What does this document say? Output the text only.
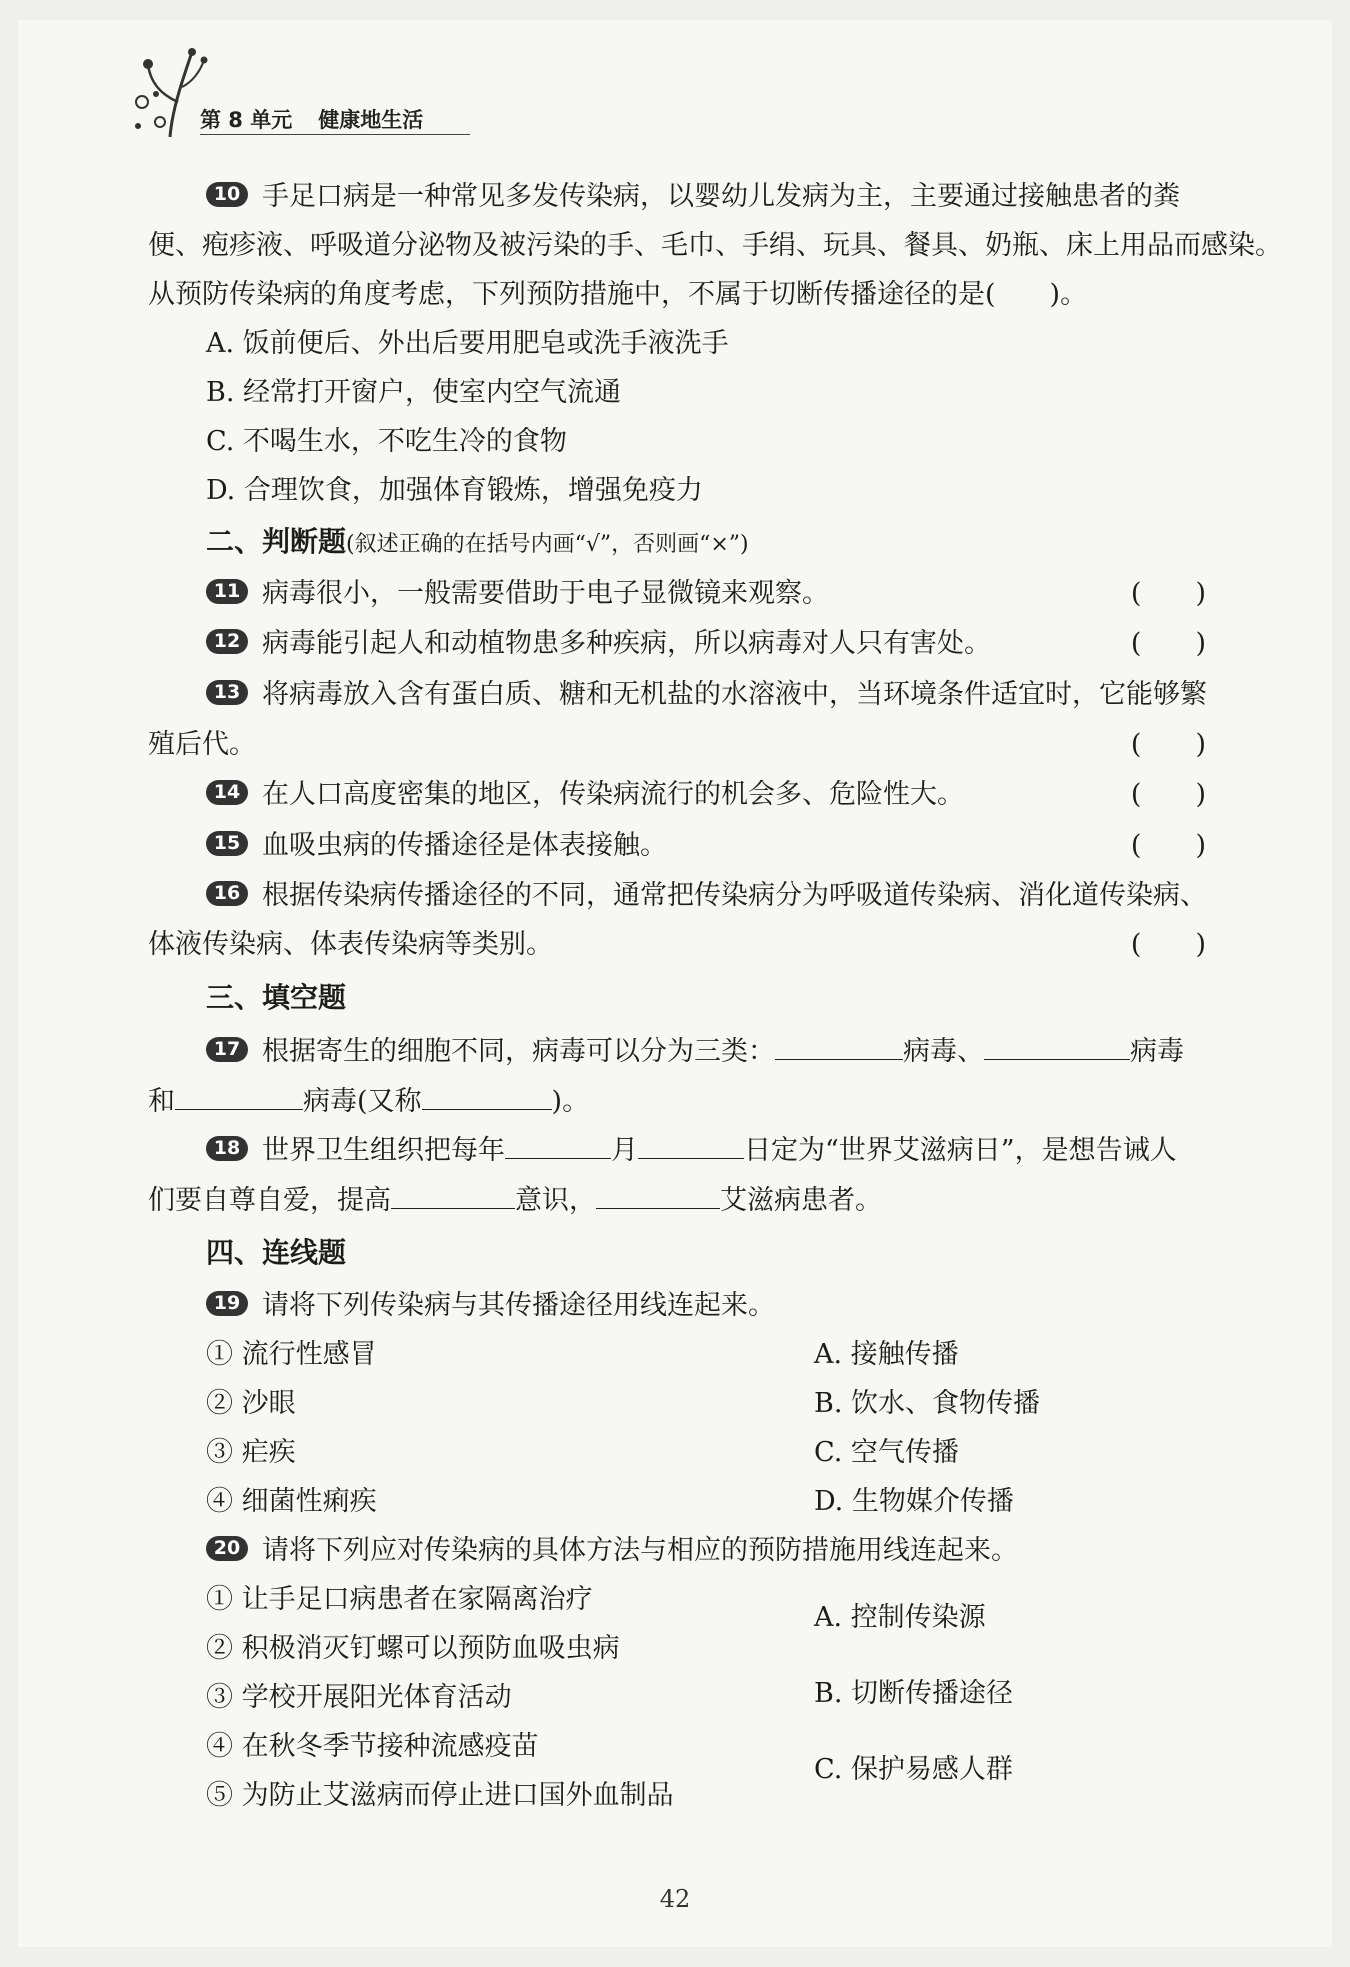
第 8 单元 健康地生活
10 手足口病是一种常见多发传染病，以婴幼儿发病为主，主要通过接触患者的粪
便、疱疹液、呼吸道分泌物及被污染的手、毛巾、手绢、玩具、餐具、奶瓶、床上用品而感染。
从预防传染病的角度考虑，下列预防措施中，不属于切断传播途径的是(　　)。
A. 饭前便后、外出后要用肥皂或洗手液洗手
B. 经常打开窗户，使室内空气流通
C. 不喝生水，不吃生冷的食物
D. 合理饮食，加强体育锻炼，增强免疫力
二、判断题(叙述正确的在括号内画“√”，否则画“×”)
11 病毒很小，一般需要借助于电子显微镜来观察。	(　　)
12 病毒能引起人和动植物患多种疾病，所以病毒对人只有害处。	(　　)
13 将病毒放入含有蛋白质、糖和无机盐的水溶液中，当环境条件适宜时，它能够繁
殖后代。	(　　)
14 在人口高度密集的地区，传染病流行的机会多、危险性大。	(　　)
15 血吸虫病的传播途径是体表接触。	(　　)
16 根据传染病传播途径的不同，通常把传染病分为呼吸道传染病、消化道传染病、
体液传染病、体表传染病等类别。	(　　)
三、填空题
17 根据寄生的细胞不同，病毒可以分为三类：	病毒、	病毒
和	病毒(又称	)。
18 世界卫生组织把每年	月	日定为“世界艾滋病日”，是想告诫人
们要自尊自爱，提高	意识，	艾滋病患者。
四、连线题
19 请将下列传染病与其传播途径用线连起来。
① 流行性感冒	A. 接触传播
② 沙眼	B. 饮水、食物传播
③ 疟疾	C. 空气传播
④ 细菌性痢疾	D. 生物媒介传播
20 请将下列应对传染病的具体方法与相应的预防措施用线连起来。
① 让手足口病患者在家隔离治疗
② 积极消灭钉螺可以预防血吸虫病
③ 学校开展阳光体育活动
④ 在秋冬季节接种流感疫苗
⑤ 为防止艾滋病而停止进口国外血制品
A. 控制传染源
B. 切断传播途径
C. 保护易感人群
42
